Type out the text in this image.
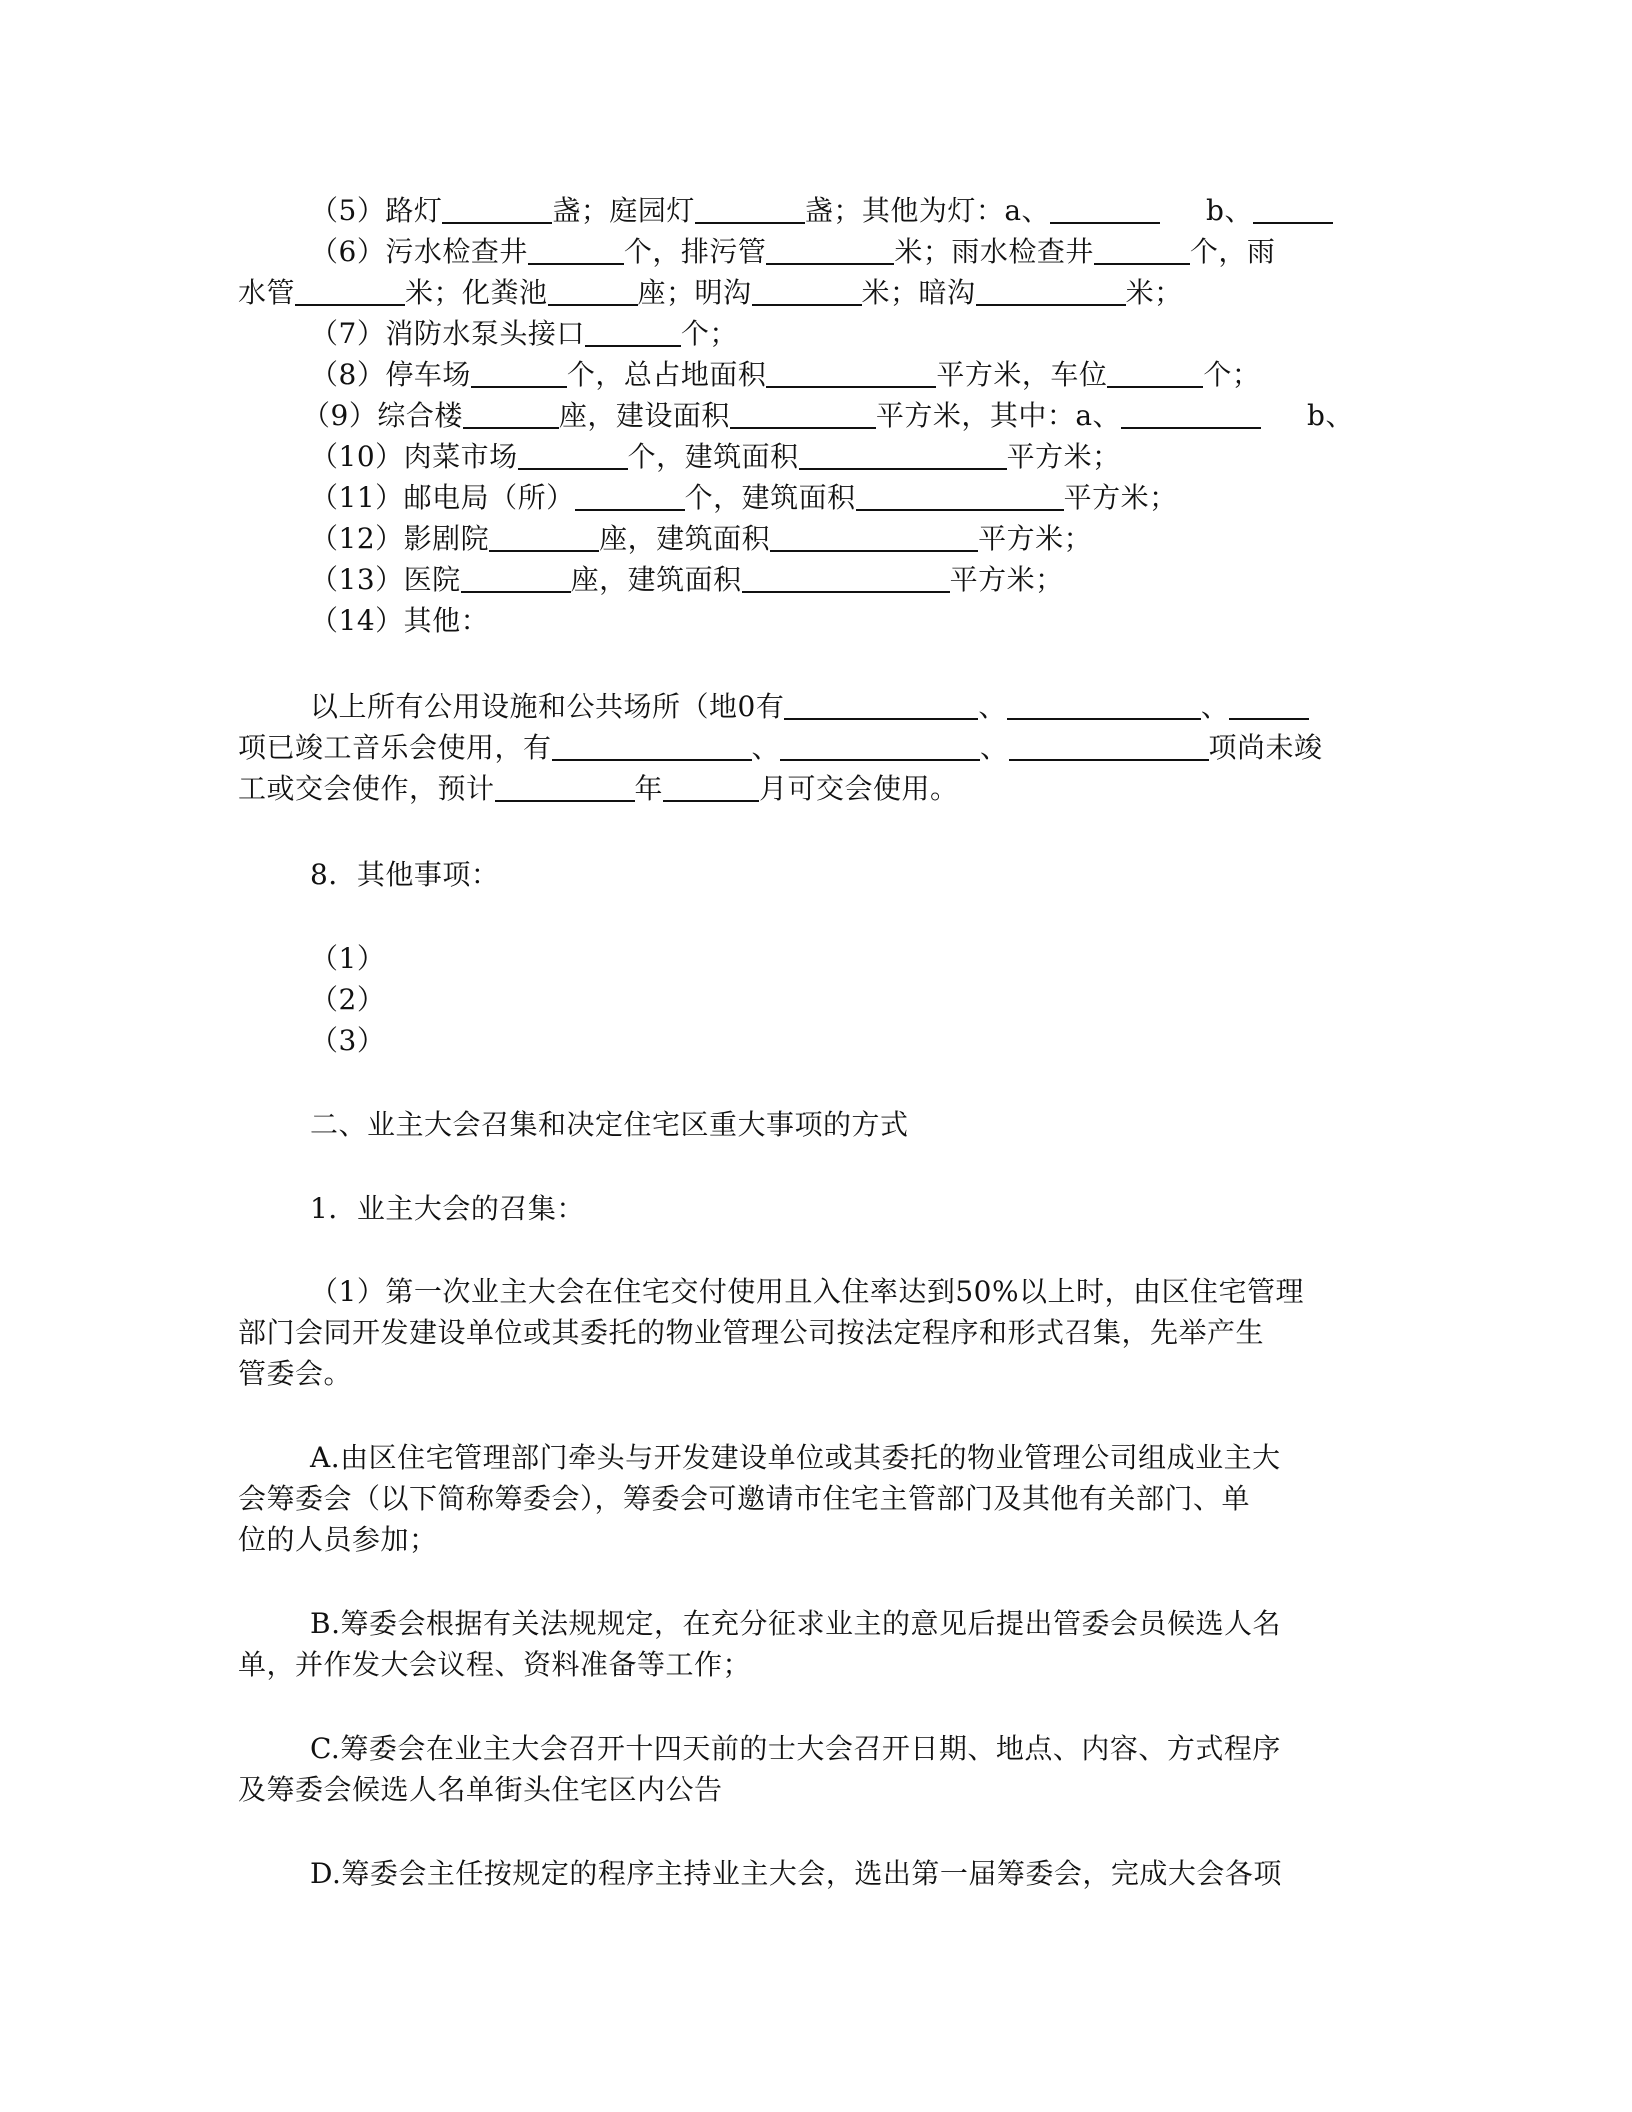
（5）路灯	盏；庭园灯	盏；其他为灯：a、	b、
（6）污水检查井	个，排污管	米；雨水检查井	个，雨
水管	米；化粪池	座；明沟	米；暗沟	米；
（7）消防水泵头接口	个；
（8）停车场	个，总占地面积	平方米，车位	个；
（9）综合楼	座，建设面积	平方米，其中：a、	b、
（10）肉菜市场	个，建筑面积	平方米；
（11）邮电局（所）	个，建筑面积	平方米；
（12）影剧院	座，建筑面积	平方米；
（13）医院	座，建筑面积	平方米；
（14）其他：
以上所有公用设施和公共场所（地0有	、	、
项已竣工音乐会使用，有	、	、	项尚未竣
工或交会使作，预计	年	月可交会使用。
8．其他事项：
（1）
（2）
（3）
二、业主大会召集和决定住宅区重大事项的方式
1．业主大会的召集：
（1）第一次业主大会在住宅交付使用且入住率达到50%以上时，由区住宅管理
部门会同开发建设单位或其委托的物业管理公司按法定程序和形式召集，先举产生
管委会。
A.由区住宅管理部门牵头与开发建设单位或其委托的物业管理公司组成业主大
会筹委会（以下简称筹委会），筹委会可邀请市住宅主管部门及其他有关部门、单
位的人员参加；
B.筹委会根据有关法规规定，在充分征求业主的意见后提出管委会员候选人名
单，并作发大会议程、资料准备等工作；
C.筹委会在业主大会召开十四天前的士大会召开日期、地点、内容、方式程序
及筹委会候选人名单街头住宅区内公告
D.筹委会主任按规定的程序主持业主大会，选出第一届筹委会，完成大会各项
